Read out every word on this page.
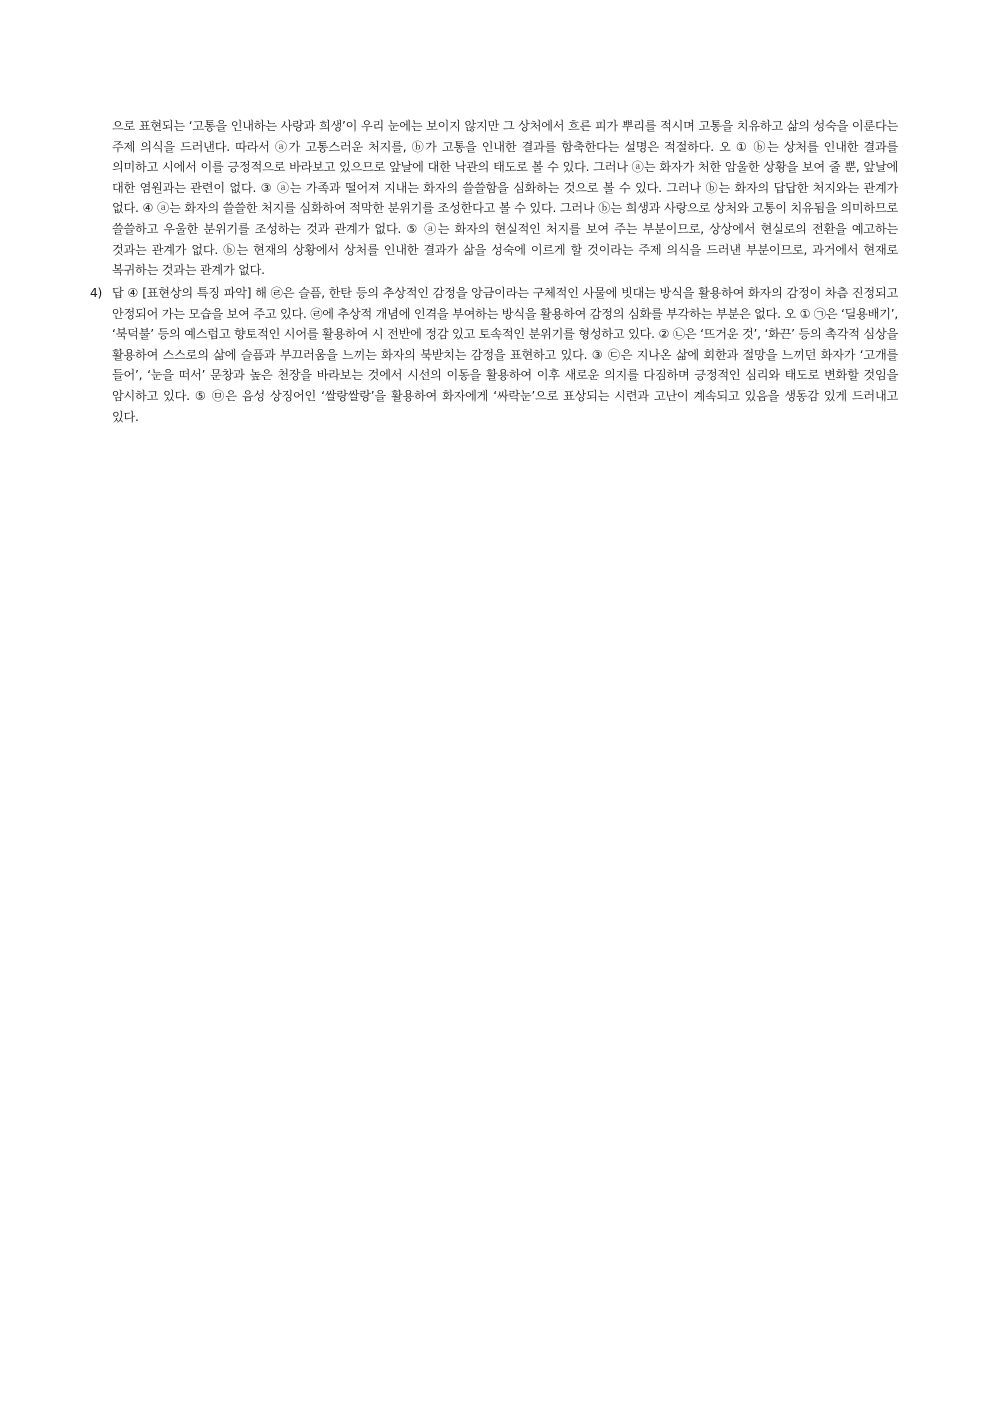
으로 표현되는 ‘고통을 인내하는 사랑과 희생’이 우리 눈에는 보이지 않지만 그 상처에서 흐른 피가 뿌리를 적시며 고통을 치유하고 삶의 성숙을 이룬다는 주제 의식을 드러낸다. 따라서 ⓐ가 고통스러운 처지를, ⓑ가 고통을 인내한 결과를 함축한다는 설명은 적절하다. 오 ① ⓑ는 상처를 인내한 결과를 의미하고 시에서 이를 긍정적으로 바라보고 있으므로 앞날에 대한 낙관의 태도로 볼 수 있다. 그러나 ⓐ는 화자가 처한 암울한 상황을 보여 줄 뿐, 앞날에 대한 염원과는 관련이 없다. ③ ⓐ는 가족과 떨어져 지내는 화자의 쓸쓸함을 심화하는 것으로 볼 수 있다. 그러나 ⓑ는 화자의 답답한 처지와는 관계가 없다. ④ ⓐ는 화자의 쓸쓸한 처지를 심화하여 적막한 분위기를 조성한다고 볼 수 있다. 그러나 ⓑ는 희생과 사랑으로 상처와 고통이 치유됨을 의미하므로 쓸쓸하고 우울한 분위기를 조성하는 것과 관계가 없다. ⑤ ⓐ는 화자의 현실적인 처지를 보여 주는 부분이므로, 상상에서 현실로의 전환을 예고하는 것과는 관계가 없다. ⓑ는 현재의 상황에서 상처를 인내한 결과가 삶을 성숙에 이르게 할 것이라는 주제 의식을 드러낸 부분이므로, 과거에서 현재로 복귀하는 것과는 관계가 없다.
4) 답 ④ [표현상의 특징 파악] 해 ㉣은 슬픔, 한탄 등의 추상적인 감정을 앙금이라는 구체적인 사물에 빗대는 방식을 활용하여 화자의 감정이 차츰 진정되고 안정되어 가는 모습을 보여 주고 있다. ㉣에 추상적 개념에 인격을 부여하는 방식을 활용하여 감정의 심화를 부각하는 부분은 없다. 오 ① ㉠은 ‘딜용배기’, ‘북덕불’ 등의 예스럽고 향토적인 시어를 활용하여 시 전반에 정감 있고 토속적인 분위기를 형성하고 있다. ② ㉡은 ‘뜨거운 것’, ‘화끈’ 등의 촉각적 심상을 활용하여 스스로의 삶에 슬픔과 부끄러움을 느끼는 화자의 북받치는 감정을 표현하고 있다. ③ ㉢은 지나온 삶에 회한과 절망을 느끼던 화자가 ‘고개를 들어’, ‘눈을 떠서’ 문창과 높은 천장을 바라보는 것에서 시선의 이동을 활용하여 이후 새로운 의지를 다짐하며 긍정적인 심리와 태도로 변화할 것임을 암시하고 있다. ⑤ ㉤은 음성 상징어인 ‘쌀랑쌀랑’을 활용하여 화자에게 ‘싸락눈’으로 표상되는 시련과 고난이 계속되고 있음을 생동감 있게 드러내고 있다.
